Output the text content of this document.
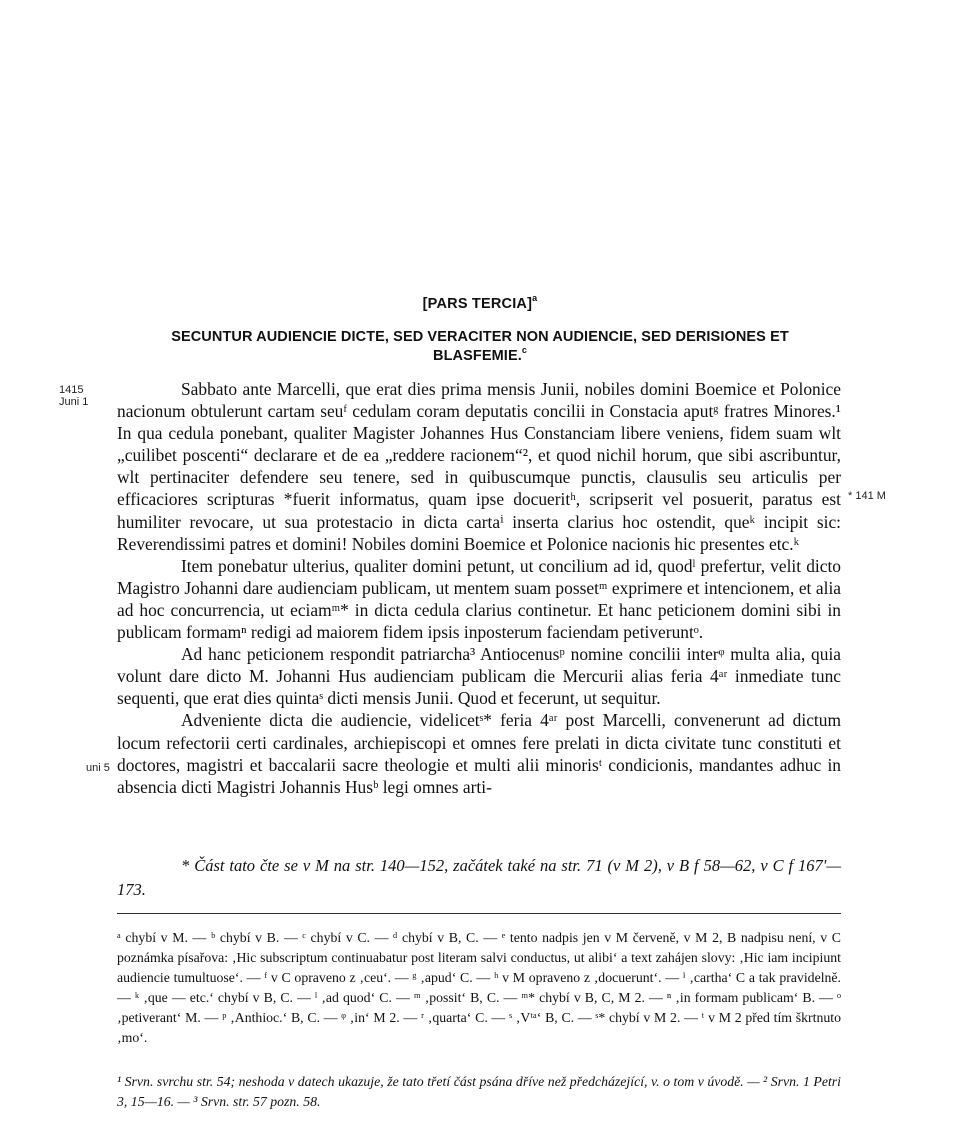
[PARS TERCIA]$^a$
SECUNTUR AUDIENCIE DICTE, SED VERACITER NON AUDIENCIE, SED DERISIONES ET BLASFEMIE.$^c$
1415
Juni 1
* 141 M
uni 5

Sabbato ante Marcelli, que erat dies prima mensis Junii, nobiles domini Boemice et Polonice nacionum obtulerunt cartam seuᶠ cedulam coram deputatis concilii in Constacia aputᵍ fratres Minores.¹ In qua cedula ponebant, qualiter Magister Johannes Hus Constanciam libere veniens, fidem suam wlt „cuilibet poscenti“ declarare et de ea „reddere racionem“², et quod nichil horum, que sibi ascribuntur, wlt pertinaciter defendere seu tenere, sed in quibuscumque punctis, clausulis seu articulis per efficaciores scripturas *fuerit informatus, quam ipse docueritʰ, scripserit vel posuerit, paratus est humiliter revocare, ut sua protestacio in dicta cartaⁱ inserta clarius hoc ostendit, queᵏ incipit sic: Reverendissimi patres et domini! Nobiles domini Boemice et Polonice nacionis hic presentes etc.ᵏ

Item ponebatur ulterius, qualiter domini petunt, ut concilium ad id, quodˡ prefertur, velit dicto Magistro Johanni dare audienciam publicam, ut mentem suam possetᵐ exprimere et intencionem, et alia ad hoc concurrencia, ut eciamᵐ* in dicta cedula clarius continetur. Et hanc peticionem domini sibi in publicam formamⁿ redigi ad maiorem fidem ipsis inposterum faciendam petiveruntᵒ.

Ad hanc peticionem respondit patriarcha³ Antiocenusᵖ nomine concilii interᵠ multa alia, quia volunt dare dicto M. Johanni Hus audienciam publicam die Mercurii alias feria 4ᵃʳ inmediate tunc sequenti, que erat dies quintaˢ dicti mensis Junii. Quod et fecerunt, ut sequitur.

Adveniente dicta die audiencie, videlicetˢ* feria 4ᵃʳ post Marcelli, convenerunt ad dictum locum refectorii certi cardinales, archiepiscopi et omnes fere prelati in dicta civitate tunc constituti et doctores, magistri et baccalarii sacre theologie et multi alii minorisᵗ condicionis, mandantes adhuc in absencia dicti Magistri Johannis Husᵇ legi omnes arti-

* Část tato čte se v M na str. 140—152, začátek také na str. 71 (v M 2), v B f 58—62, v C f 167'—173.
ᵃ chybí v M. — ᵇ chybí v B. — ᶜ chybí v C. — ᵈ chybí v B, C. — ᵉ tento nadpis jen v M červeně, v M 2, B nadpisu není, v C poznámka písařova: ‚Hic subscriptum continuabatur post literam salvi conductus, ut alibi‘ a text zahájen slovy: ‚Hic iam incipiunt audiencie tumultuose‘. — ᶠ v C opraveno z ‚ceu‘. — ᵍ ‚apud‘ C. — ʰ v M opraveno z ‚docuerunt‘. — ⁱ ‚cartha‘ C a tak pravidelně. — ᵏ ‚que — etc.‘ chybí v B, C. — ˡ ‚ad quod‘ C. — ᵐ ‚possit‘ B, C. — ᵐ* chybí v B, C, M 2. — ⁿ ‚in formam publicam‘ B. — ᵒ ‚petiverant‘ M. — ᵖ ‚Anthioc.‘ B, C. — ᵠ ‚in‘ M 2. — ʳ ‚quarta‘ C. — ˢ ‚Vᵗᵃ‘ B, C. — ˢ* chybí v M 2. — ᵗ v M 2 před tím škrtnuto ‚mo‘.
¹ Srvn. svrchu str. 54; neshoda v datech ukazuje, že tato třetí část psána dříve než předcházející, v. o tom v úvodě. — ² Srvn. 1 Petri 3, 15—16. — ³ Srvn. str. 57 pozn. 58.
